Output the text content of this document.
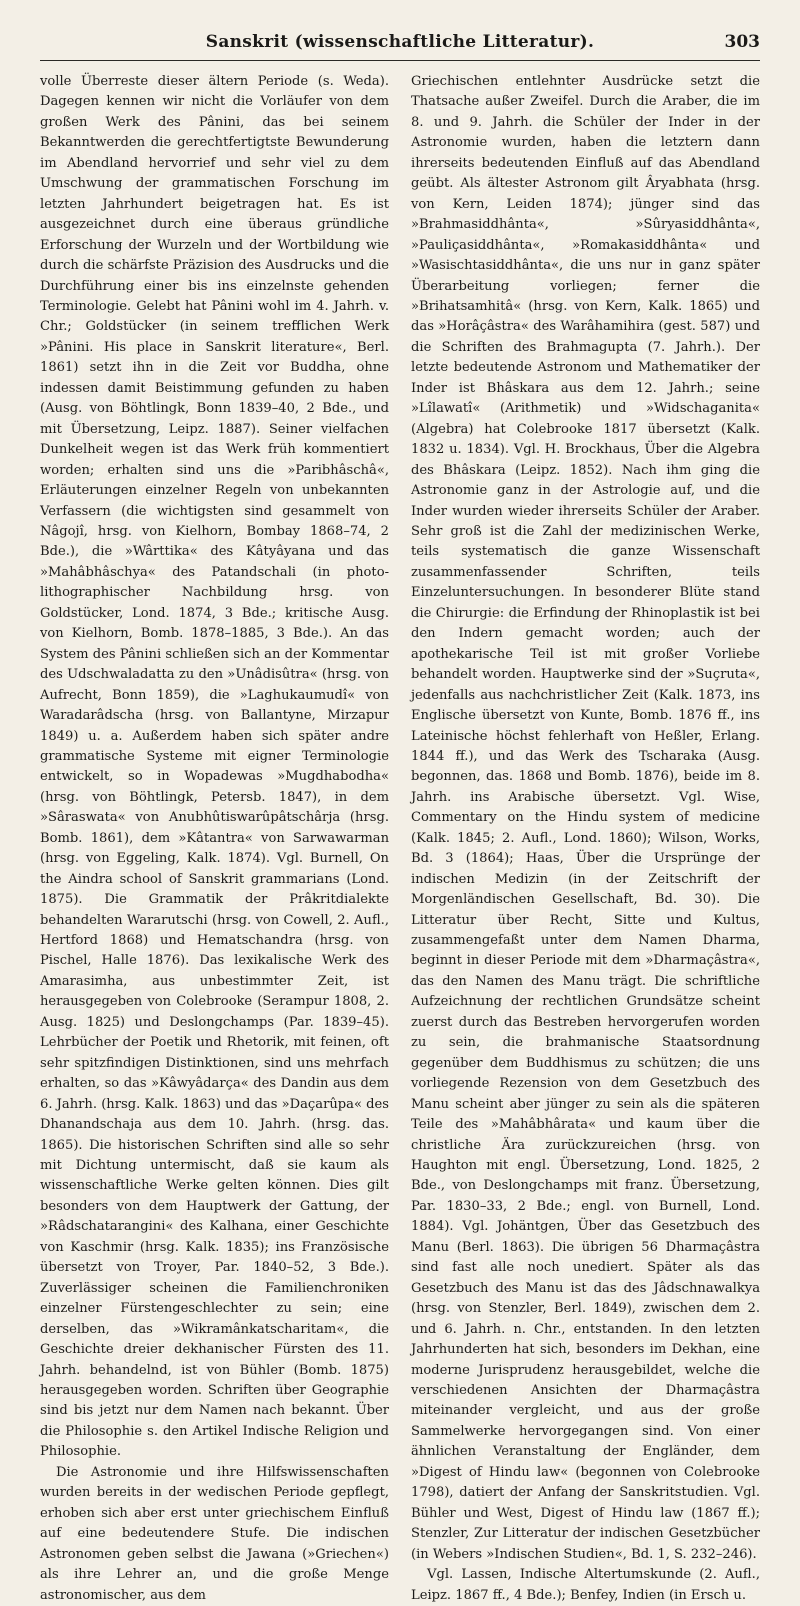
Sanskrit (wissenschaftliche Litteratur).	303

volle Überreste dieser ältern Periode (s. Weda). Dagegen kennen wir nicht die Vorläufer von dem großen Werk des Pânini, das bei seinem Bekanntwerden die gerechtfertigtste Bewunderung im Abendland hervorrief und sehr viel zu dem Umschwung der grammatischen Forschung im letzten Jahrhundert beigetragen hat. Es ist ausgezeichnet durch eine überaus gründliche Erforschung der Wurzeln und der Wortbildung wie durch die schärfste Präzision des Ausdrucks und die Durchführung einer bis ins einzelnste gehenden Terminologie. Gelebt hat Pânini wohl im 4. Jahrh. v. Chr.; Goldstücker (in seinem trefflichen Werk »Pânini. His place in Sanskrit literature«, Berl. 1861) setzt ihn in die Zeit vor Buddha, ohne indessen damit Beistimmung gefunden zu haben (Ausg. von Böhtlingk, Bonn 1839–40, 2 Bde., und mit Übersetzung, Leipz. 1887). Seiner vielfachen Dunkelheit wegen ist das Werk früh kommentiert worden; erhalten sind uns die »Paribhâschâ«, Erläuterungen einzelner Regeln von unbekannten Verfassern (die wichtigsten sind gesammelt von Nâgojî, hrsg. von Kielhorn, Bombay 1868–74, 2 Bde.), die »Wârttika« des Kâtyâyana und das »Mahâbhâschya« des Patandschali (in photo-lithographischer Nachbildung hrsg. von Goldstücker, Lond. 1874, 3 Bde.; kritische Ausg. von Kielhorn, Bomb. 1878–1885, 3 Bde.). An das System des Pânini schließen sich an der Kommentar des Udschwaladatta zu den »Unâdisûtra« (hrsg. von Aufrecht, Bonn 1859), die »Laghukaumudî« von Waradarâdscha (hrsg. von Ballantyne, Mirzapur 1849) u. a. Außerdem haben sich später andre grammatische Systeme mit eigner Terminologie entwickelt, so in Wopadewas »Mugdhabodha« (hrsg. von Böhtlingk, Petersb. 1847), in dem »Sâraswata« von Anubhûtiswarûpâtschârja (hrsg. Bomb. 1861), dem »Kâtantra« von Sarwawarman (hrsg. von Eggeling, Kalk. 1874). Vgl. Burnell, On the Aindra school of Sanskrit grammarians (Lond. 1875). Die Grammatik der Prâkritdialekte behandelten Wararutschi (hrsg. von Cowell, 2. Aufl., Hertford 1868) und Hematschandra (hrsg. von Pischel, Halle 1876). Das lexikalische Werk des Amarasimha, aus unbestimmter Zeit, ist herausgegeben von Colebrooke (Serampur 1808, 2. Ausg. 1825) und Deslongchamps (Par. 1839–45). Lehrbücher der Poetik und Rhetorik, mit feinen, oft sehr spitzfindigen Distinktionen, sind uns mehrfach erhalten, so das »Kâwyâdarça« des Dandin aus dem 6. Jahrh. (hrsg. Kalk. 1863) und das »Daçarûpa« des Dhanandschaja aus dem 10. Jahrh. (hrsg. das. 1865). Die historischen Schriften sind alle so sehr mit Dichtung untermischt, daß sie kaum als wissenschaftliche Werke gelten können. Dies gilt besonders von dem Hauptwerk der Gattung, der »Râdschatarangini« des Kalhana, einer Geschichte von Kaschmir (hrsg. Kalk. 1835); ins Französische übersetzt von Troyer, Par. 1840–52, 3 Bde.). Zuverlässiger scheinen die Familienchroniken einzelner Fürstengeschlechter zu sein; eine derselben, das »Wikramânkatscharitam«, die Geschichte dreier dekhanischer Fürsten des 11. Jahrh. behandelnd, ist von Bühler (Bomb. 1875) herausgegeben worden. Schriften über Geographie sind bis jetzt nur dem Namen nach bekannt. Über die Philosophie s. den Artikel Indische Religion und Philosophie.

Die Astronomie und ihre Hilfswissenschaften wurden bereits in der wedischen Periode gepflegt, erhoben sich aber erst unter griechischem Einfluß auf eine bedeutendere Stufe. Die indischen Astronomen geben selbst die Jawana (»Griechen«) als ihre Lehrer an, und die große Menge astronomischer, aus dem

Griechischen entlehnter Ausdrücke setzt die Thatsache außer Zweifel. Durch die Araber, die im 8. und 9. Jahrh. die Schüler der Inder in der Astronomie wurden, haben die letztern dann ihrerseits bedeutenden Einfluß auf das Abendland geübt. Als ältester Astronom gilt Âryabhata (hrsg. von Kern, Leiden 1874); jünger sind das »Brahmasiddhânta«, »Sûryasiddhânta«, »Pauliçasiddhânta«, »Romakasiddhânta« und »Wasischtasiddhânta«, die uns nur in ganz später Überarbeitung vorliegen; ferner die »Brihatsamhitâ« (hrsg. von Kern, Kalk. 1865) und das »Horâçâstra« des Warâhamihira (gest. 587) und die Schriften des Brahmagupta (7. Jahrh.). Der letzte bedeutende Astronom und Mathematiker der Inder ist Bhâskara aus dem 12. Jahrh.; seine »Lîlawatî« (Arithmetik) und »Widschaganita« (Algebra) hat Colebrooke 1817 übersetzt (Kalk. 1832 u. 1834). Vgl. H. Brockhaus, Über die Algebra des Bhâskara (Leipz. 1852). Nach ihm ging die Astronomie ganz in der Astrologie auf, und die Inder wurden wieder ihrerseits Schüler der Araber. Sehr groß ist die Zahl der medizinischen Werke, teils systematisch die ganze Wissenschaft zusammenfassender Schriften, teils Einzeluntersuchungen. In besonderer Blüte stand die Chirurgie: die Erfindung der Rhinoplastik ist bei den Indern gemacht worden; auch der apothekarische Teil ist mit großer Vorliebe behandelt worden. Hauptwerke sind der »Suçruta«, jedenfalls aus nachchristlicher Zeit (Kalk. 1873, ins Englische übersetzt von Kunte, Bomb. 1876 ff., ins Lateinische höchst fehlerhaft von Heßler, Erlang. 1844 ff.), und das Werk des Tscharaka (Ausg. begonnen, das. 1868 und Bomb. 1876), beide im 8. Jahrh. ins Arabische übersetzt. Vgl. Wise, Commentary on the Hindu system of medicine (Kalk. 1845; 2. Aufl., Lond. 1860); Wilson, Works, Bd. 3 (1864); Haas, Über die Ursprünge der indischen Medizin (in der Zeitschrift der Morgenländischen Gesellschaft, Bd. 30). Die Litteratur über Recht, Sitte und Kultus, zusammengefaßt unter dem Namen Dharma, beginnt in dieser Periode mit dem »Dharmaçâstra«, das den Namen des Manu trägt. Die schriftliche Aufzeichnung der rechtlichen Grundsätze scheint zuerst durch das Bestreben hervorgerufen worden zu sein, die brahmanische Staatsordnung gegenüber dem Buddhismus zu schützen; die uns vorliegende Rezension von dem Gesetzbuch des Manu scheint aber jünger zu sein als die späteren Teile des »Mahâbhârata« und kaum über die christliche Ära zurückzureichen (hrsg. von Haughton mit engl. Übersetzung, Lond. 1825, 2 Bde., von Deslongchamps mit franz. Übersetzung, Par. 1830–33, 2 Bde.; engl. von Burnell, Lond. 1884). Vgl. Johäntgen, Über das Gesetzbuch des Manu (Berl. 1863). Die übrigen 56 Dharmaçâstra sind fast alle noch unediert. Später als das Gesetzbuch des Manu ist das des Jâdschnawalkya (hrsg. von Stenzler, Berl. 1849), zwischen dem 2. und 6. Jahrh. n. Chr., entstanden. In den letzten Jahrhunderten hat sich, besonders im Dekhan, eine moderne Jurisprudenz herausgebildet, welche die verschiedenen Ansichten der Dharmaçâstra miteinander vergleicht, und aus der große Sammelwerke hervorgegangen sind. Von einer ähnlichen Veranstaltung der Engländer, dem »Digest of Hindu law« (begonnen von Colebrooke 1798), datiert der Anfang der Sanskritstudien. Vgl. Bühler und West, Digest of Hindu law (1867 ff.); Stenzler, Zur Litteratur der indischen Gesetzbücher (in Webers »Indischen Studien«, Bd. 1, S. 232–246).

Vgl. Lassen, Indische Altertumskunde (2. Aufl., Leipz. 1867 ff., 4 Bde.); Benfey, Indien (in Ersch u.
